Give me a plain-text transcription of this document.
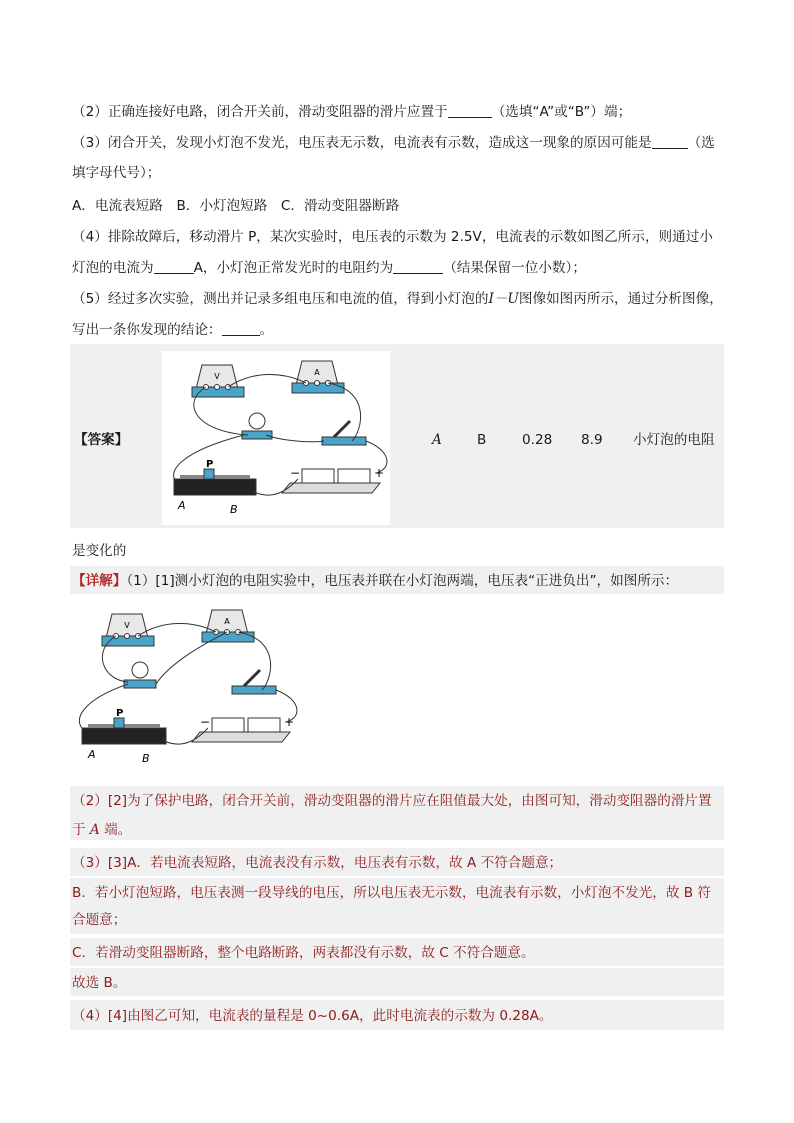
（2）正确连接好电路，闭合开关前，滑动变阻器的滑片应置于	（选填“A”或“B”）端；
（3）闭合开关，发现小灯泡不发光，电压表无示数，电流表有示数，造成这一现象的原因可能是	（选
填字母代号）；
A．电流表短路　B．小灯泡短路　C．滑动变阻器断路
（4）排除故障后，移动滑片 P，某次实验时，电压表的示数为 2.5V，电流表的示数如图乙所示，则通过小
灯泡的电流为	A，小灯泡正常发光时的电阻约为	（结果保留一位小数）；
（5）经过多次实验，测出并记录多组电压和电流的值，得到小灯泡的I－U图像如图丙所示，通过分析图像，
写出一条你发现的结论：	。
【答案】	A	B	0.28 8.9 小灯泡的电阻
V	A
P
A	B
−	+
是变化的
【详解】（1）[1]测小灯泡的电阻实验中，电压表并联在小灯泡两端，电压表“正进负出”，如图所示：
V	A
P
A	B
−	+
（2）[2]为了保护电路，闭合开关前，滑动变阻器的滑片应在阻值最大处，由图可知，滑动变阻器的滑片置
于 A 端。
（3）[3]A．若电流表短路，电流表没有示数，电压表有示数，故 A 不符合题意；
B．若小灯泡短路，电压表测一段导线的电压，所以电压表无示数，电流表有示数，小灯泡不发光，故 B 符
合题意；
C．若滑动变阻器断路，整个电路断路，两表都没有示数，故 C 不符合题意。
故选 B。
（4）[4]由图乙可知，电流表的量程是 0~0.6A，此时电流表的示数为 0.28A。
